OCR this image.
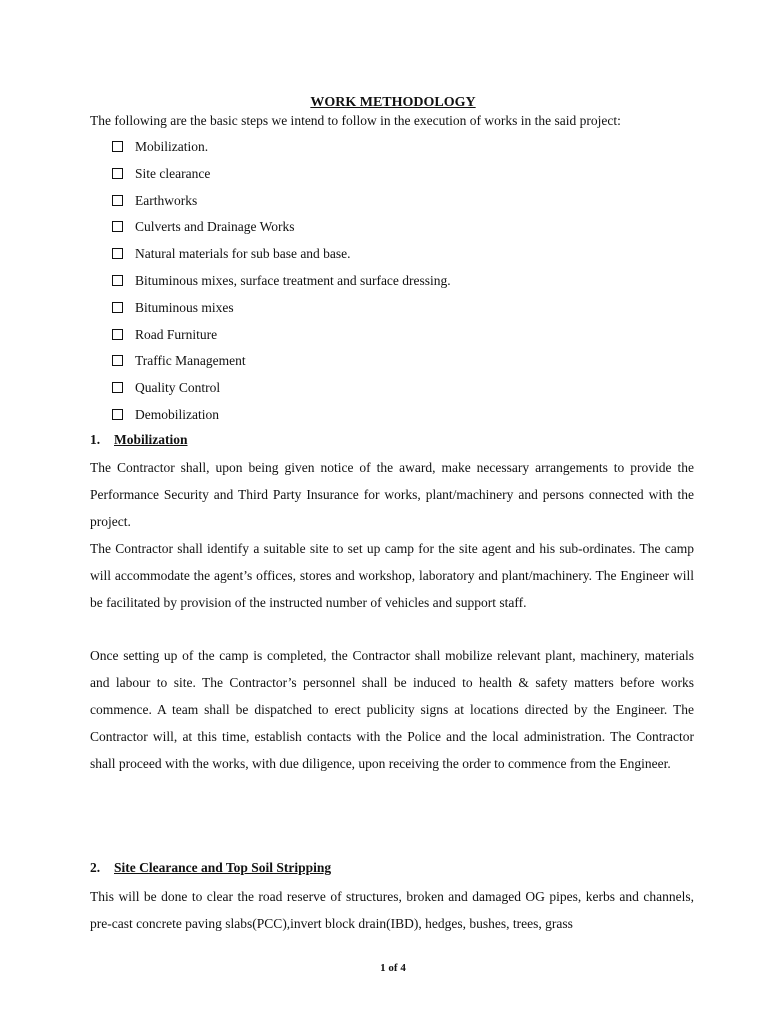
WORK METHODOLOGY
The following are the basic steps we intend to follow in the execution of works in the said project:
Mobilization.
Site clearance
Earthworks
Culverts and Drainage Works
Natural materials for sub base and base.
Bituminous mixes, surface treatment and surface dressing.
Bituminous mixes
Road Furniture
Traffic Management
Quality Control
Demobilization
1. Mobilization

The Contractor shall, upon being given notice of the award, make necessary arrangements to provide the Performance Security and Third Party Insurance for works, plant/machinery and persons connected with the project.

The Contractor shall identify a suitable site to set up camp for the site agent and his sub-ordinates. The camp will accommodate the agent’s offices, stores and workshop, laboratory and plant/machinery. The Engineer will be facilitated by provision of the instructed number of vehicles and support staff.

Once setting up of the camp is completed, the Contractor shall mobilize relevant plant, machinery, materials and labour to site. The Contractor’s personnel shall be induced to health & safety matters before works commence. A team shall be dispatched to erect publicity signs at locations directed by the Engineer. The Contractor will, at this time, establish contacts with the Police and the local administration. The Contractor shall proceed with the works, with due diligence, upon receiving the order to commence from the Engineer.

2. Site Clearance and Top Soil Stripping

This will be done to clear the road reserve of structures, broken and damaged OG pipes, kerbs and channels, pre-cast concrete paving slabs(PCC),invert block drain(IBD), hedges, bushes, trees, grass

1 of 4
